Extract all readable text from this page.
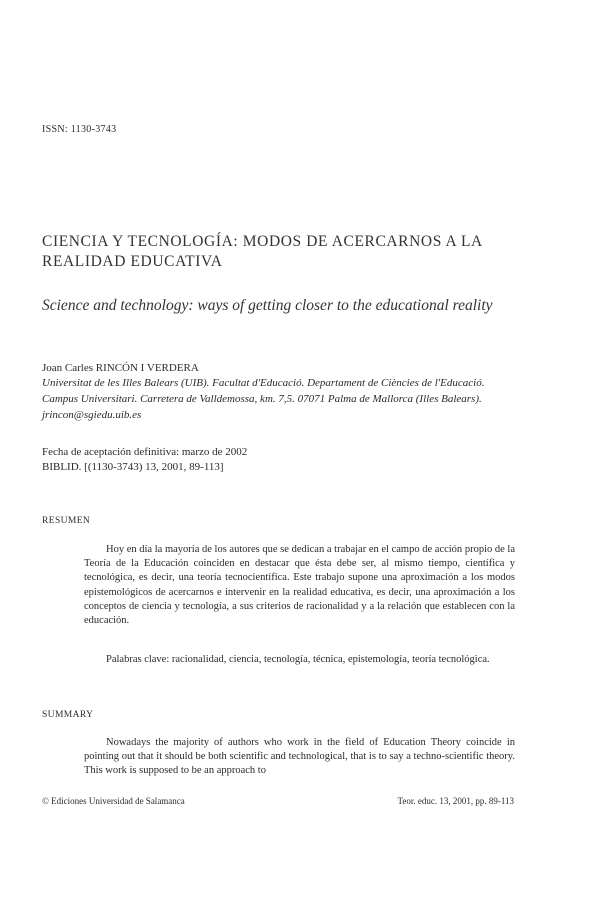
ISSN: 1130-3743
CIENCIA Y TECNOLOGÍA: MODOS DE ACERCARNOS A LA REALIDAD EDUCATIVA
Science and technology: ways of getting closer to the educational reality
Joan Carles RINCÓN I VERDERA
Universitat de les Illes Balears (UIB). Facultat d'Educació. Departament de Ciències de l'Educació. Campus Universitari. Carretera de Valldemossa, km. 7,5. 07071 Palma de Mallorca (Illes Balears). jrincon@sgiedu.uib.es
Fecha de aceptación definitiva: marzo de 2002
BIBLID. [(1130-3743) 13, 2001, 89-113]
RESUMEN
Hoy en día la mayoría de los autores que se dedican a trabajar en el campo de acción propio de la Teoría de la Educación coinciden en destacar que ésta debe ser, al mismo tiempo, científica y tecnológica, es decir, una teoría tecnocientífica. Este trabajo supone una aproximación a los modos epistemológicos de acercarnos e intervenir en la realidad educativa, es decir, una aproximación a los conceptos de ciencia y tecnología, a sus criterios de racionalidad y a la relación que establecen con la educación.
Palabras clave: racionalidad, ciencia, tecnología, técnica, epistemología, teoría tecnológica.
SUMMARY
Nowadays the majority of authors who work in the field of Education Theory coincide in pointing out that it should be both scientific and technological, that is to say a techno-scientific theory. This work is supposed to be an approach to
© Ediciones Universidad de Salamanca	Teor. educ. 13, 2001, pp. 89-113
